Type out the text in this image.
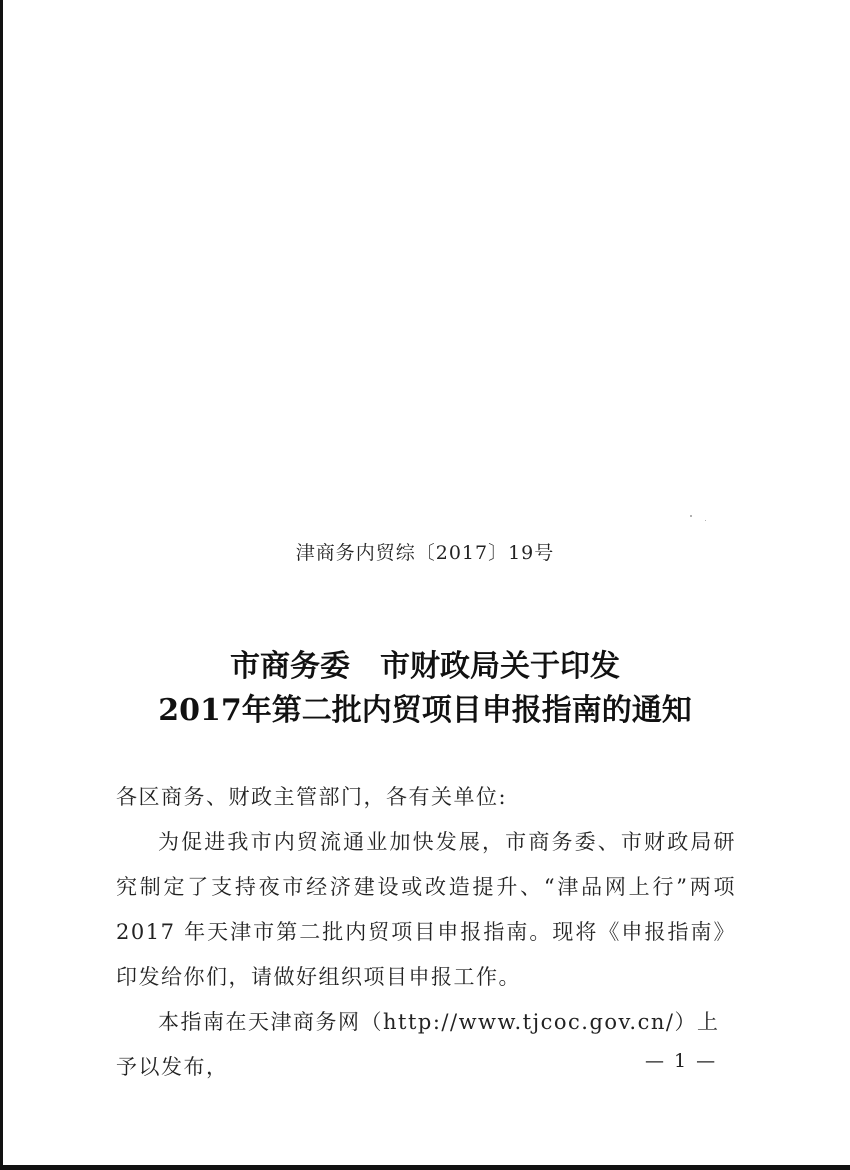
津商务内贸综〔2017〕19号
市商务委　市财政局关于印发
2017年第二批内贸项目申报指南的通知

各区商务、财政主管部门，各有关单位:

为促进我市内贸流通业加快发展，市商务委、市财政局研究制定了支持夜市经济建设或改造提升、“津品网上行”两项 2017 年天津市第二批内贸项目申报指南。现将《申报指南》印发给你们，请做好组织项目申报工作。

本指南在天津商务网（http://www.tjcoc.gov.cn/）上予以发布，	— 1 —
